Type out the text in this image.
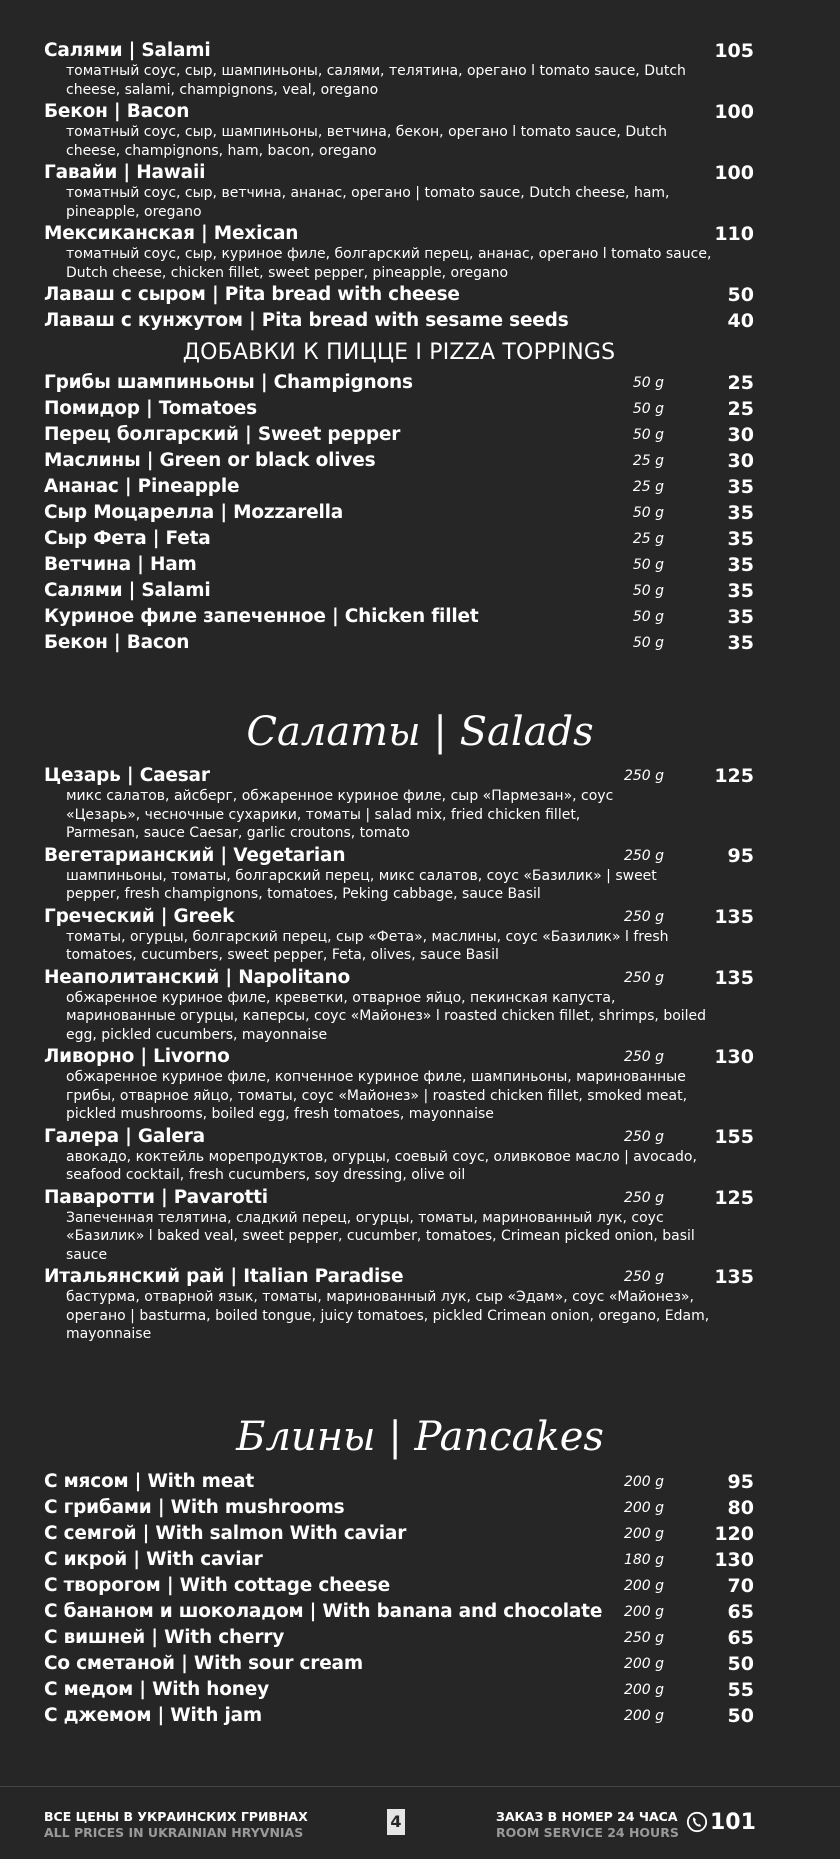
Салями | Salami	105
томатный соус, сыр, шампиньоны, салями, телятина, орегано l tomato sauce, Dutch cheese, salami, champignons, veal, oregano
Бекон | Bacon	100
томатный соус, сыр, шампиньоны, ветчина, бекон, орегано l tomato sauce, Dutch cheese, champignons, ham, bacon, oregano
Гавайи | Hawaii	100
томатный соус, сыр, ветчина, ананас, орегано | tomato sauce, Dutch cheese, ham, pineapple, oregano
Мексиканская | Mexican	110
томатный соус, сыр, куриное филе, болгарский перец, ананас, орегано l tomato sauce, Dutch cheese, chicken fillet, sweet pepper, pineapple, oregano
Лаваш с сыром | Pita bread with cheese	50
Лаваш с кунжутом | Pita bread with sesame seeds	40
ДОБАВКИ К ПИЦЦЕ I PIZZA TOPPINGS
Грибы шампиньоны | Champignons	50 g	25
Помидор | Tomatoes	50 g	25
Перец болгарский | Sweet pepper	50 g	30
Маслины | Green or black olives	25 g	30
Ананас | Pineapple	25 g	35
Сыр Моцарелла | Mozzarella	50 g	35
Сыр Фета | Feta	25 g	35
Ветчина | Ham	50 g	35
Салями | Salami	50 g	35
Куриное филе запеченное | Chicken fillet	50 g	35
Бекон | Bacon	50 g	35
Салаты | Salads
Цезарь | Caesar	250 g	125
микс салатов, айсберг, обжаренное куриное филе, сыр «Пармезан», соус «Цезарь», чесночные сухарики, томаты | salad mix, fried chicken fillet, Parmesan, sauce Caesar, garlic croutons, tomato
Вегетарианский | Vegetarian	250 g	95
шампиньоны, томаты, болгарский перец, микс салатов, соус «Базилик» | sweet pepper, fresh champignons, tomatoes, Peking cabbage, sauce Basil
Греческий | Greek	250 g	135
томаты, огурцы, болгарский перец, сыр «Фета», маслины, соус «Базилик» l fresh tomatoes, cucumbers, sweet pepper, Feta, olives, sauce Basil
Неаполитанский | Napolitano	250 g	135
обжаренное куриное филе, креветки, отварное яйцо, пекинская капуста, маринованные огурцы, каперсы, соус «Майонез» l roasted chicken fillet, shrimps, boiled egg, pickled cucumbers, mayonnaise
Ливорно | Livorno	250 g	130
обжаренное куриное филе, копченное куриное филе, шампиньоны, маринованные грибы, отварное яйцо, томаты, соус «Майонез» | roasted chicken fillet, smoked meat, pickled mushrooms, boiled egg, fresh tomatoes, mayonnaise
Галера | Galera	250 g	155
авокадо, коктейль морепродуктов, огурцы, соевый соус, оливковое масло | avocado, seafood cocktail, fresh cucumbers, soy dressing, olive oil
Паваротти | Pavarotti	250 g	125
Запеченная телятина, сладкий перец, огурцы, томаты, маринованный лук, соус «Базилик» l baked veal, sweet pepper, cucumber, tomatoes, Crimean picked onion, basil sauce
Итальянский рай | Italian Paradise	250 g	135
бастурма, отварной язык, томаты, маринованный лук, сыр «Эдам», соус «Майонез», орегано | basturma, boiled tongue, juicy tomatoes, pickled Crimean onion, oregano, Edam, mayonnaise
Блины | Pancakes
С мясом | With meat	200 g	95
С грибами | With mushrooms	200 g	80
С семгой | With salmon With caviar	200 g	120
С икрой | With caviar	180 g	130
С творогом | With cottage cheese	200 g	70
С бананом и шоколадом | With banana and chocolate 200 g	65
С вишней | With cherry	250 g	65
Со сметаной | With sour cream	200 g	50
С медом | With honey	200 g	55
С джемом | With jam	200 g	50
ВСЕ ЦЕНЫ В УКРАИНСКИХ ГРИВНАХ
ALL PRICES IN UKRAINIAN HRYVNIAS
4	ЗАКАЗ В НОМЕР 24 ЧАСА
ROOM SERVICE 24 HOURS 101
